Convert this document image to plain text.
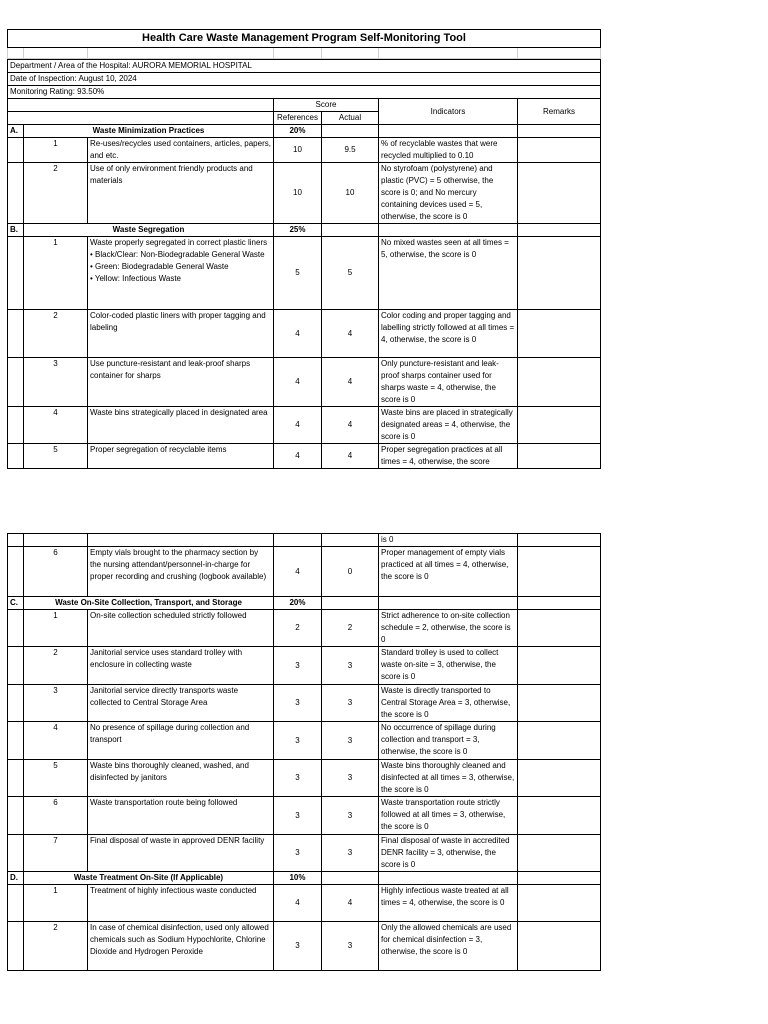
Health Care Waste Management Program Self-Monitoring Tool

Department / Area of the Hospital: AURORA MEMORIAL HOSPITAL						
Date of Inspection: August 10, 2024						
Monitoring Rating: 93.50%						
			Score		Indicators	Remarks
			References	Actual		
A.	Waste Minimization Practices		20%			
	1	Re-uses/recycles used containers, articles, papers, and etc.	10	9.5	% of recyclable wastes that were recycled multiplied to 0.10	
	2	Use of only environment friendly products and materials	10	10	No styrofoam (polystyrene) and plastic (PVC) = 5 otherwise, the score is 0; and No mercury containing devices used = 5, otherwise, the score is 0	
B.	Waste Segregation		25%			
	1	Waste properly segregated in correct plastic liners
• Black/Clear: Non-Biodegradable General Waste
• Green: Biodegradable General Waste
• Yellow: Infectious Waste	5	5	No mixed wastes seen at all times = 5, otherwise, the score is 0	
	2	Color-coded plastic liners with proper tagging and labeling	4	4	Color coding and proper tagging and labelling strictly followed at all times = 4, otherwise, the score is 0	
	3	Use puncture-resistant and leak-proof sharps container for sharps	4	4	Only puncture-resistant and leak-proof sharps container used for sharps waste = 4, otherwise, the score is 0	
	4	Waste bins strategically placed in designated area	4	4	Waste bins are placed in strategically designated areas = 4, otherwise, the score is 0	
	5	Proper segregation of recyclable items	4	4	Proper segregation practices at all times = 4, otherwise, the score	
					is 0	
	6	Empty vials brought to the pharmacy section by the nursing attendant/personnel-in-charge for proper recording and crushing (logbook available)	4	0	Proper management of empty vials practiced at all times = 4, otherwise, the score is 0	
C.	Waste On-Site Collection, Transport, and Storage		20%			
	1	On-site collection scheduled strictly followed	2	2	Strict adherence to on-site collection schedule = 2, otherwise, the score is 0	
	2	Janitorial service uses standard trolley with enclosure in collecting waste	3	3	Standard trolley is used to collect waste on-site = 3, otherwise, the score is 0	
	3	Janitorial service directly transports waste collected to Central Storage Area	3	3	Waste is directly transported to Central Storage Area = 3, otherwise, the score is 0	
	4	No presence of spillage during collection and transport	3	3	No occurrence of spillage during collection and transport = 3, otherwise, the score is 0	
	5	Waste bins thoroughly cleaned, washed, and disinfected by janitors	3	3	Waste bins thoroughly cleaned and disinfected at all times = 3, otherwise, the score is 0	
	6	Waste transportation route being followed	3	3	Waste transportation route strictly followed at all times = 3, otherwise, the score is 0	
	7	Final disposal of waste in approved DENR facility	3	3	Final disposal of waste in accredited DENR facility = 3, otherwise, the score is 0	
D.	Waste Treatment On-Site (If Applicable)		10%			
	1	Treatment of highly infectious waste conducted	4	4	Highly infectious waste treated at all times = 4, otherwise, the score is 0	
	2	In case of chemical disinfection, used only allowed chemicals such as Sodium Hypochlorite, Chlorine Dioxide and Hydrogen Peroxide	3	3	Only the allowed chemicals are used for chemical disinfection = 3, otherwise, the score is 0	
